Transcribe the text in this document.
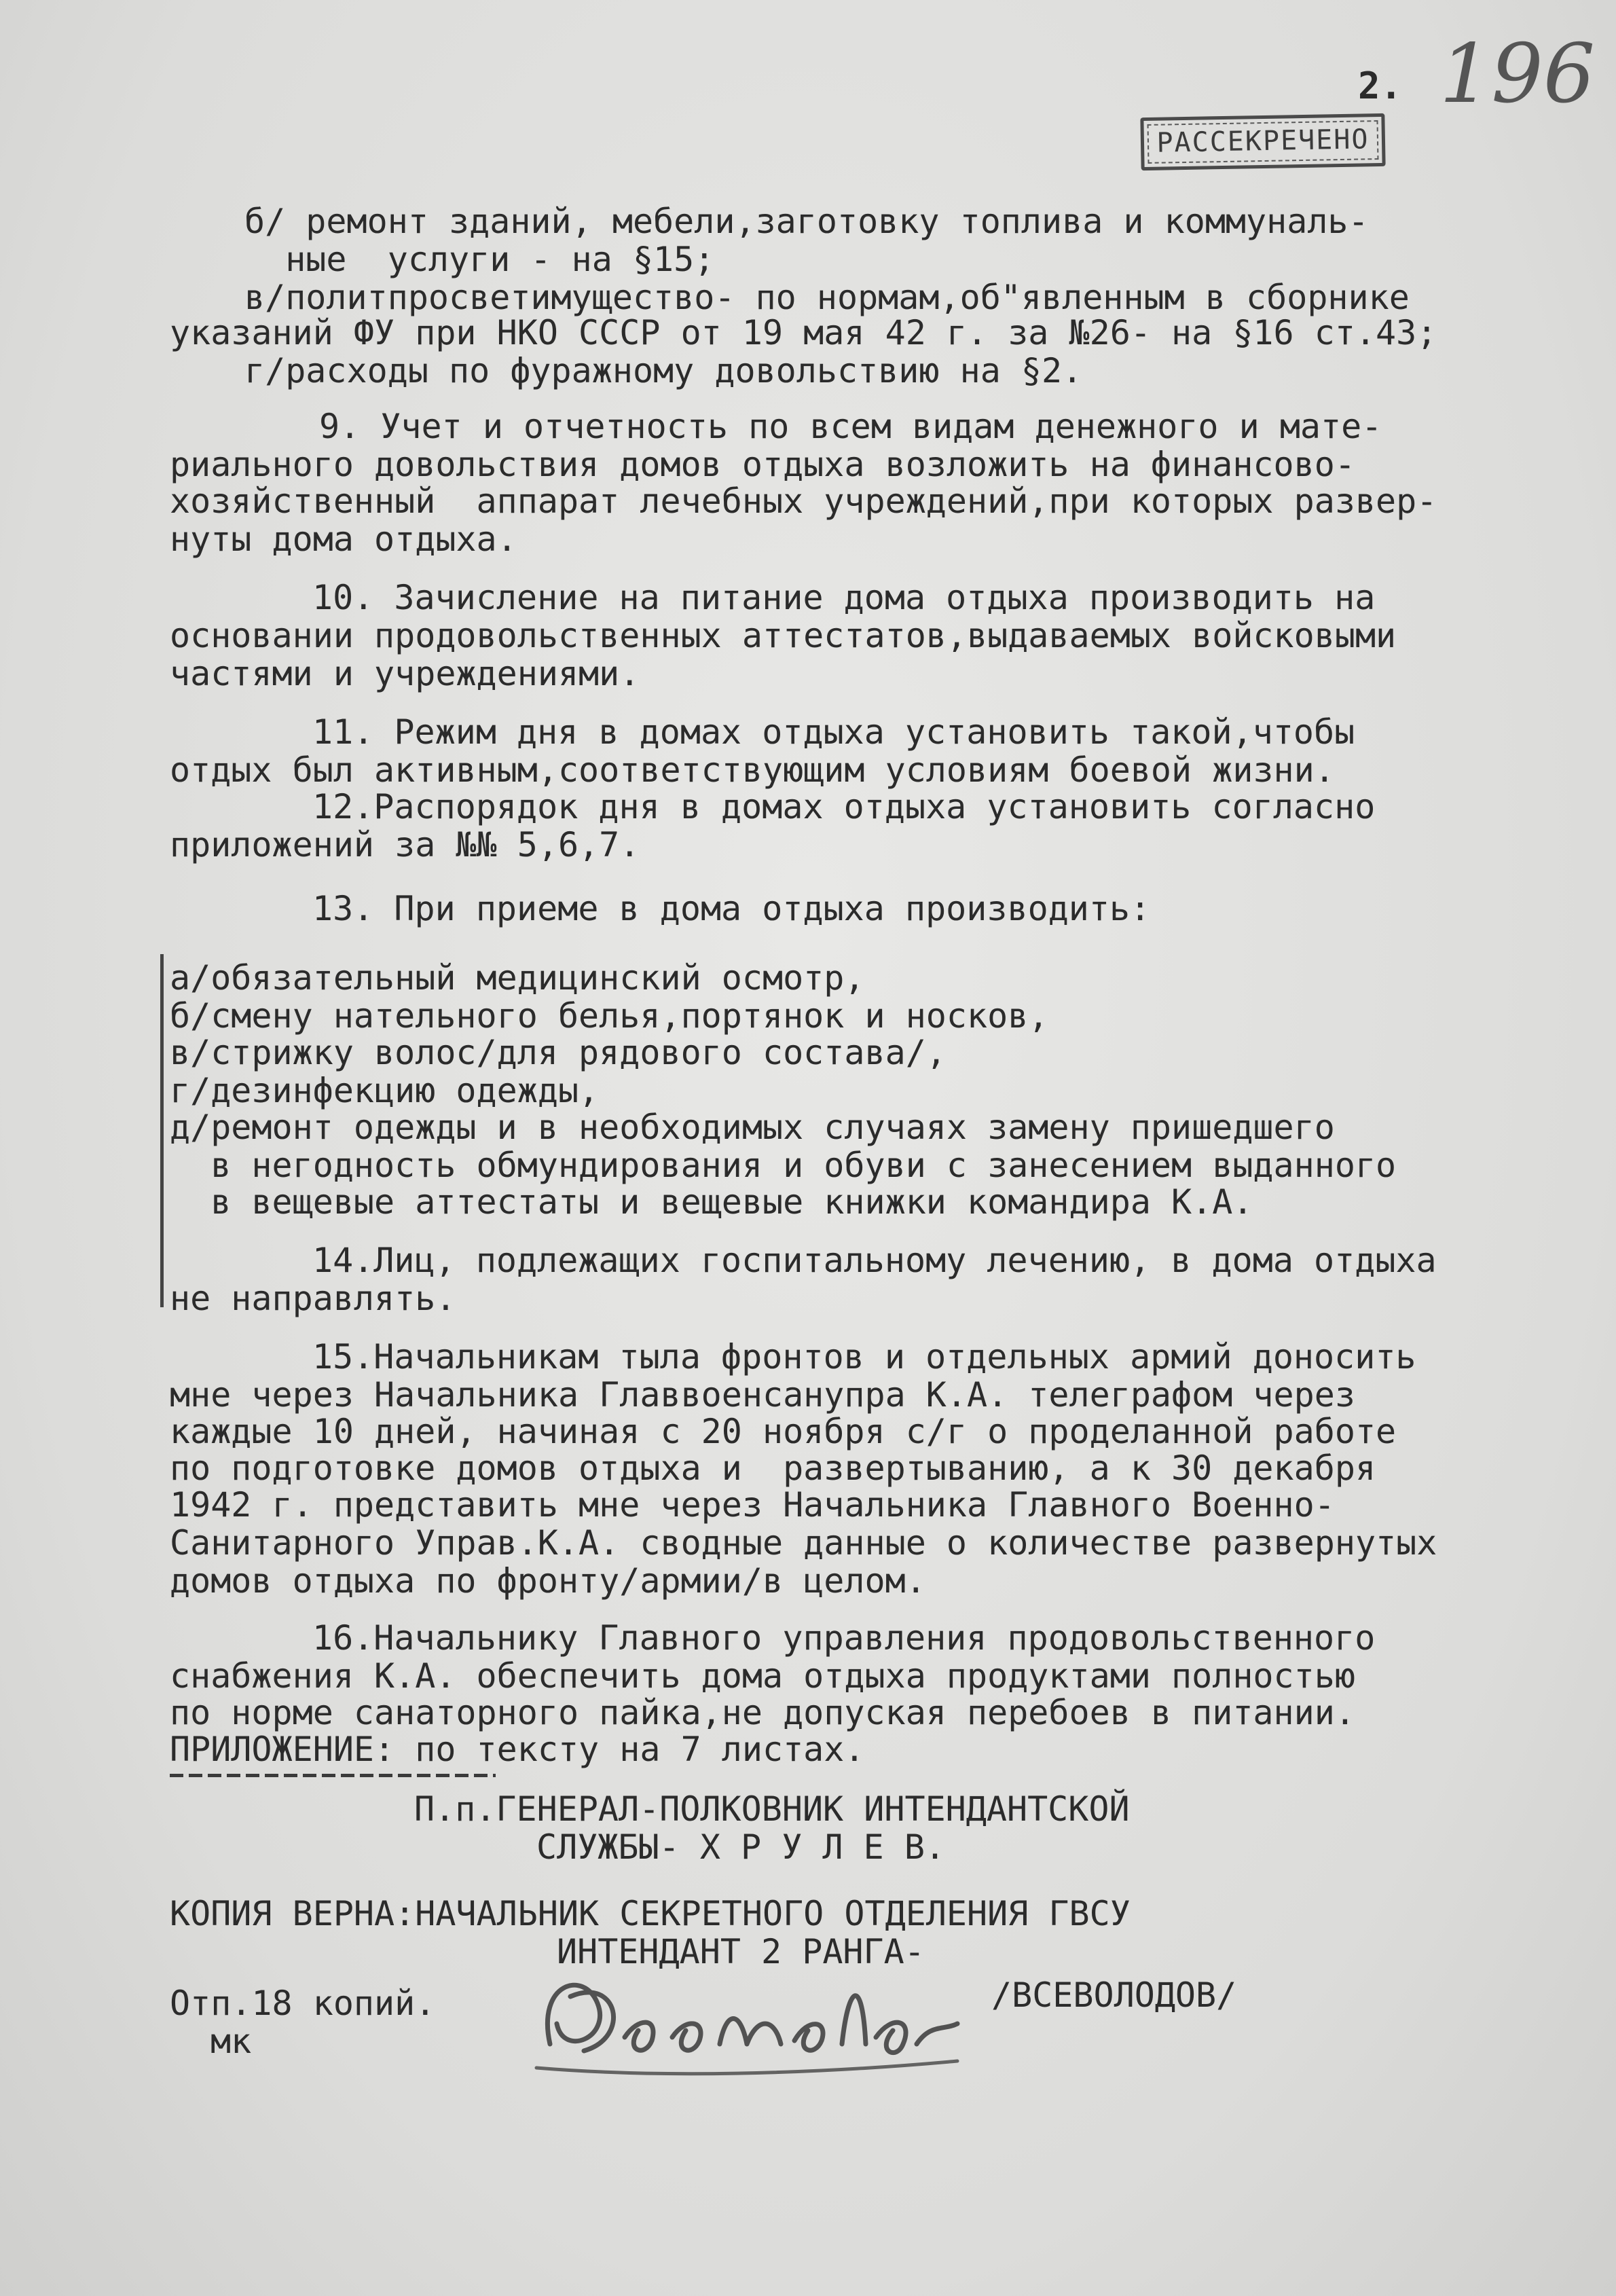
2. 196
РАССЕКРЕЧЕНО
б/ ремонт зданий, мебели,заготовку топлива и коммуналь-
ные  услуги - на §15;
в/политпросветимущество- по нормам,об"явленным в сборнике
указаний ФУ при НКО СССР от 19 мая 42 г. за №26- на §16 ст.43;
г/расходы по фуражному довольствию на §2.
9. Учет и отчетность по всем видам денежного и мате-
риального довольствия домов отдыха возложить на финансово-
хозяйственный  аппарат лечебных учреждений,при которых развер-
нуты дома отдыха.
10. Зачисление на питание дома отдыха производить на
основании продовольственных аттестатов,выдаваемых войсковыми
частями и учреждениями.
11. Режим дня в домах отдыха установить такой,чтобы
отдых был активным,соответствующим условиям боевой жизни.
12.Распорядок дня в домах отдыха установить согласно
приложений за №№ 5,6,7.
13. При приеме в дома отдыха производить:
а/обязательный медицинский осмотр,
б/смену нательного белья,портянок и носков,
в/стрижку волос/для рядового состава/,
г/дезинфекцию одежды,
д/ремонт одежды и в необходимых случаях замену пришедшего
в негодность обмундирования и обуви с занесением выданного
в вещевые аттестаты и вещевые книжки командира К.А.
14.Лиц, подлежащих госпитальному лечению, в дома отдыха
не направлять.
15.Начальникам тыла фронтов и отдельных армий доносить
мне через Начальника Главвоенсанупра К.А. телеграфом через
каждые 10 дней, начиная с 20 ноября с/г о проделанной работе
по подготовке домов отдыха и  развертыванию, а к 30 декабря
1942 г. представить мне через Начальника Главного Военно-
Санитарного Управ.К.А. сводные данные о количестве развернутых
домов отдыха по фронту/армии/в целом.
16.Начальнику Главного управления продовольственного
снабжения К.А. обеспечить дома отдыха продуктами полностью
по норме санаторного пайка,не допуская перебоев в питании.
ПРИЛОЖЕНИЕ: по тексту на 7 листах.
П.п.ГЕНЕРАЛ-ПОЛКОВНИК ИНТЕНДАНТСКОЙ
СЛУЖБЫ- Х Р У Л Е В.
КОПИЯ ВЕРНА:НАЧАЛЬНИК СЕКРЕТНОГО ОТДЕЛЕНИЯ ГВСУ
ИНТЕНДАНТ 2 РАНГА-
Отп.18 копий.
мк
/ВСЕВОЛОДОВ/
